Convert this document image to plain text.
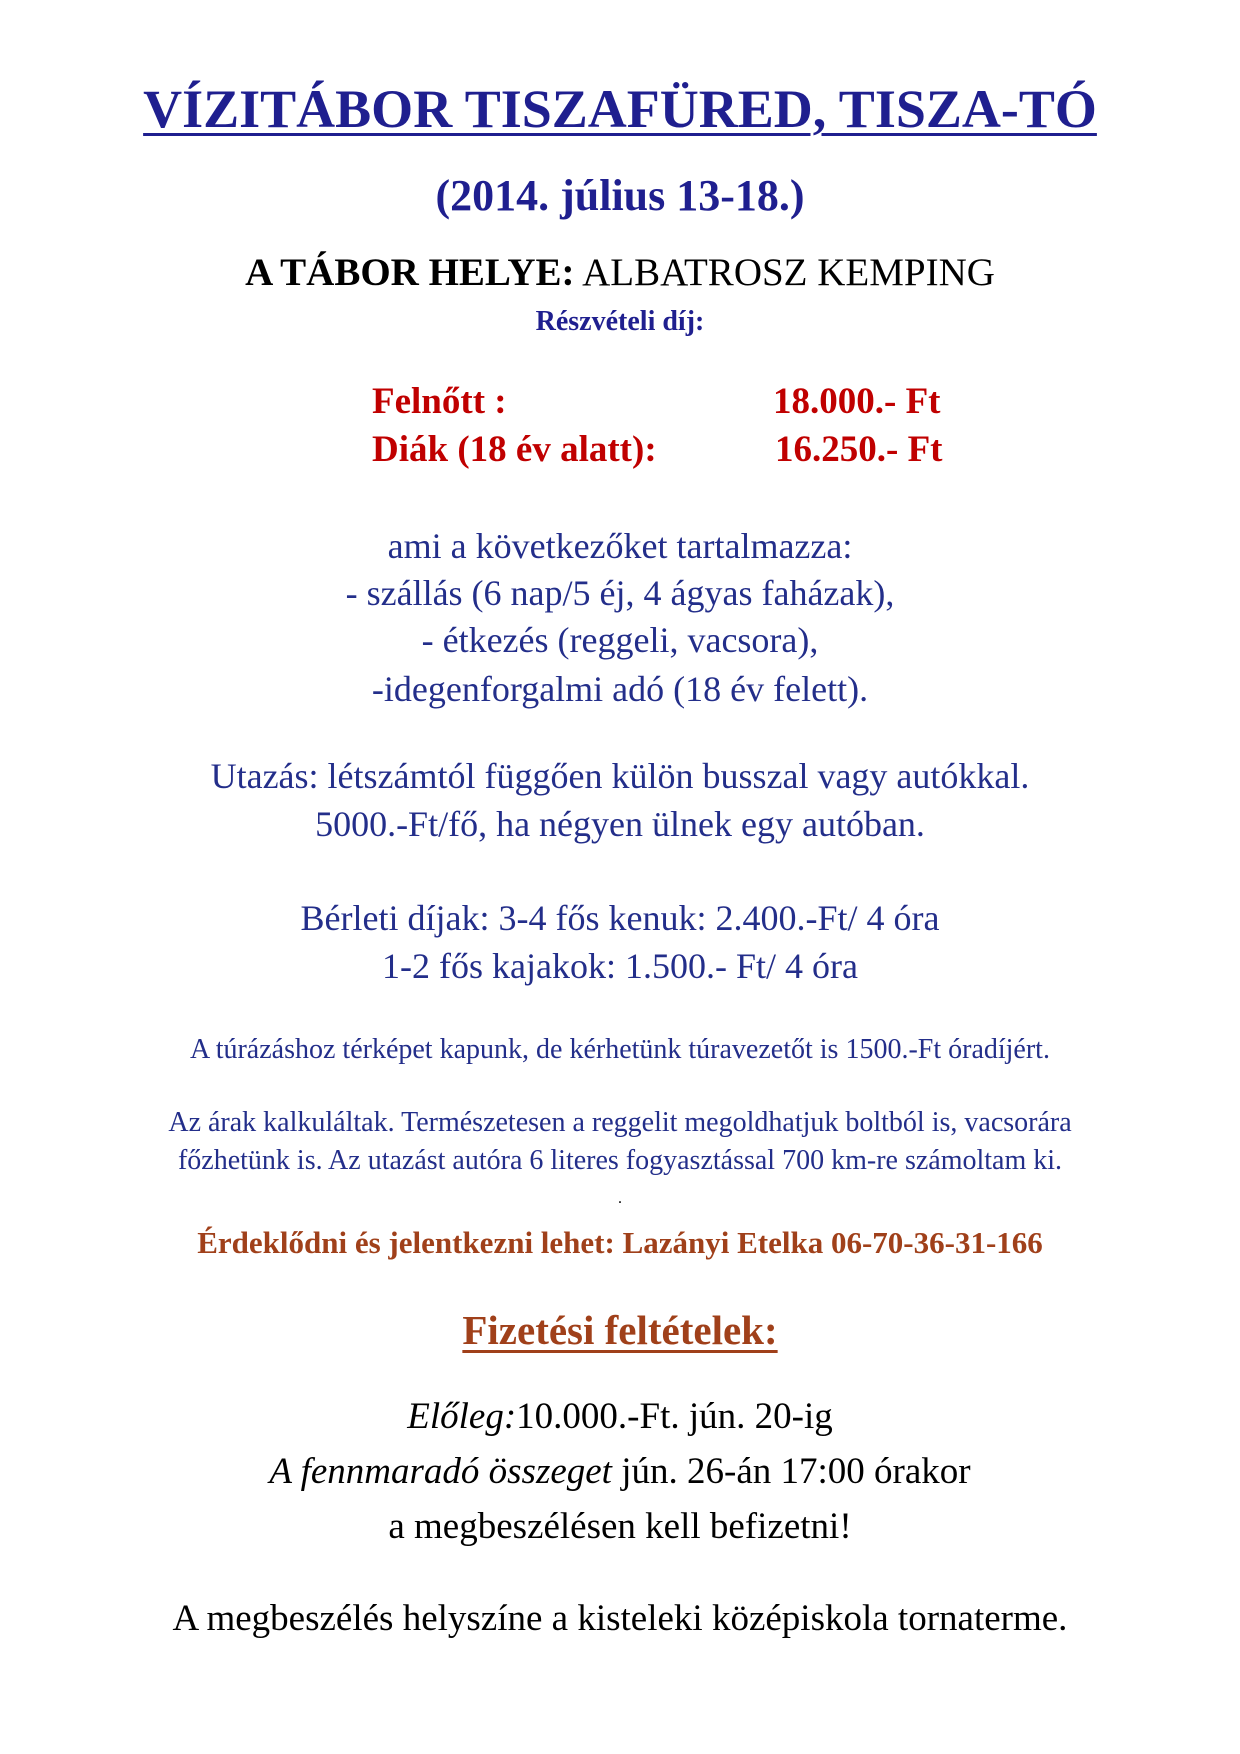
VÍZITÁBOR TISZAFÜRED, TISZA-TÓ
(2014. július 13-18.)
A TÁBOR HELYE: ALBATROSZ KEMPING
Részvételi díj:
Felnőtt :	18.000.- Ft
Diák (18 év alatt):	16.250.- Ft
ami a következőket tartalmazza:
- szállás (6 nap/5 éj, 4 ágyas faházak),
- étkezés (reggeli, vacsora),
-idegenforgalmi adó (18 év felett).
Utazás: létszámtól függően külön busszal vagy autókkal.
5000.-Ft/fő, ha négyen ülnek egy autóban.
Bérleti díjak: 3-4 fős kenuk: 2.400.-Ft/ 4 óra
1-2 fős kajakok: 1.500.- Ft/ 4 óra
A túrázáshoz térképet kapunk, de kérhetünk túravezetőt is 1500.-Ft óradíjért.
Az árak kalkuláltak. Természetesen a reggelit megoldhatjuk boltból is, vacsorára
főzhetünk is. Az utazást autóra 6 literes fogyasztással 700 km-re számoltam ki.
.
Érdeklődni és jelentkezni lehet: Lazányi Etelka 06-70-36-31-166
Fizetési feltételek:
Előleg:10.000.-Ft. jún. 20-ig
A fennmaradó összeget jún. 26-án 17:00 órakor
a megbeszélésen kell befizetni!
A megbeszélés helyszíne a kisteleki középiskola tornaterme.
